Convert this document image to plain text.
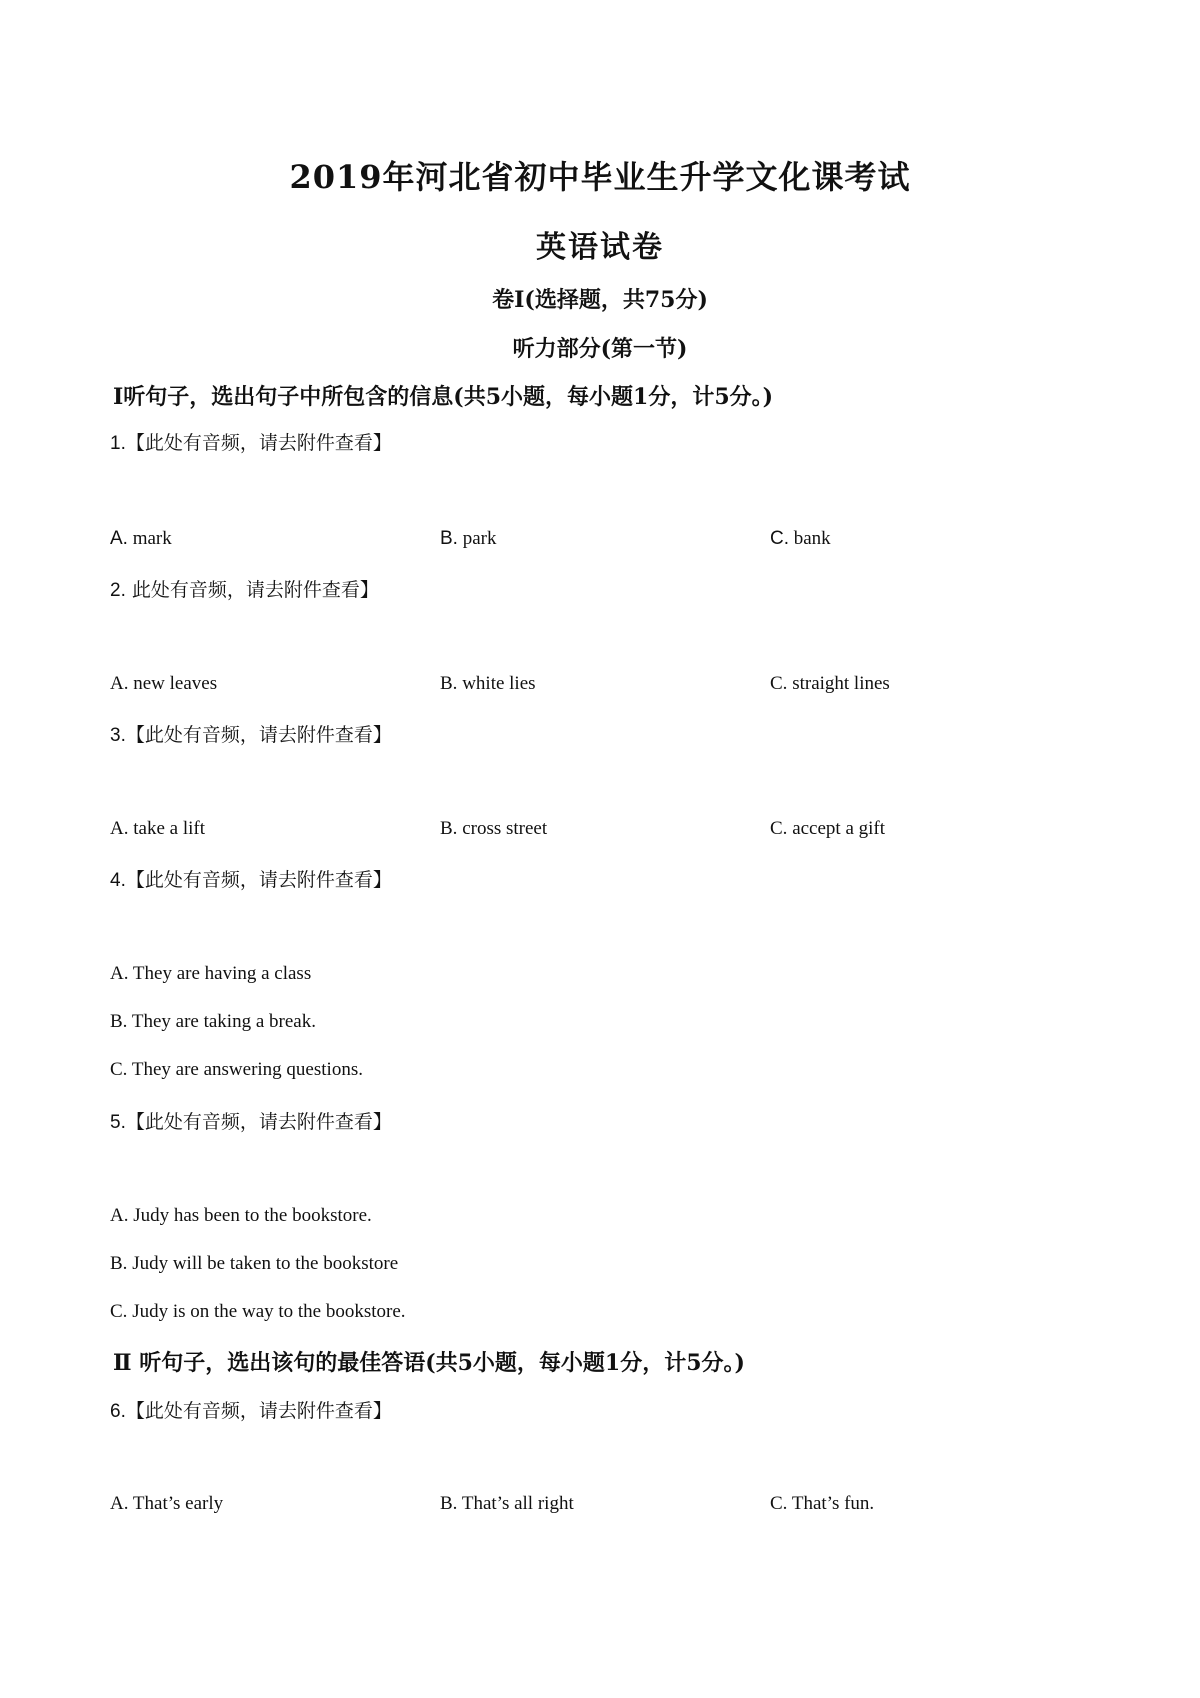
2019年河北省初中毕业生升学文化课考试
英语试卷
卷Ⅰ(选择题，共75分)
听力部分(第一节)
Ⅰ听句子，选出句子中所包含的信息(共5小题，每小题1分，计5分。)
1.【此处有音频，请去附件查看】
A. mark	B. park	C. bank
2. 此处有音频，请去附件查看】
A. new leaves	B. white lies	C. straight lines
3.【此处有音频，请去附件查看】
A. take a lift	B. cross street	C. accept a gift
4.【此处有音频，请去附件查看】
A. They are having a class
B. They are taking a break.
C. They are answering questions.
5.【此处有音频，请去附件查看】
A. Judy has been to the bookstore.
B. Judy will be taken to the bookstore
C. Judy is on the way to the bookstore.
Ⅱ 听句子，选出该句的最佳答语(共5小题，每小题1分，计5分。)
6.【此处有音频，请去附件查看】
A. That’s early	B. That’s all right	C. That’s fun.
